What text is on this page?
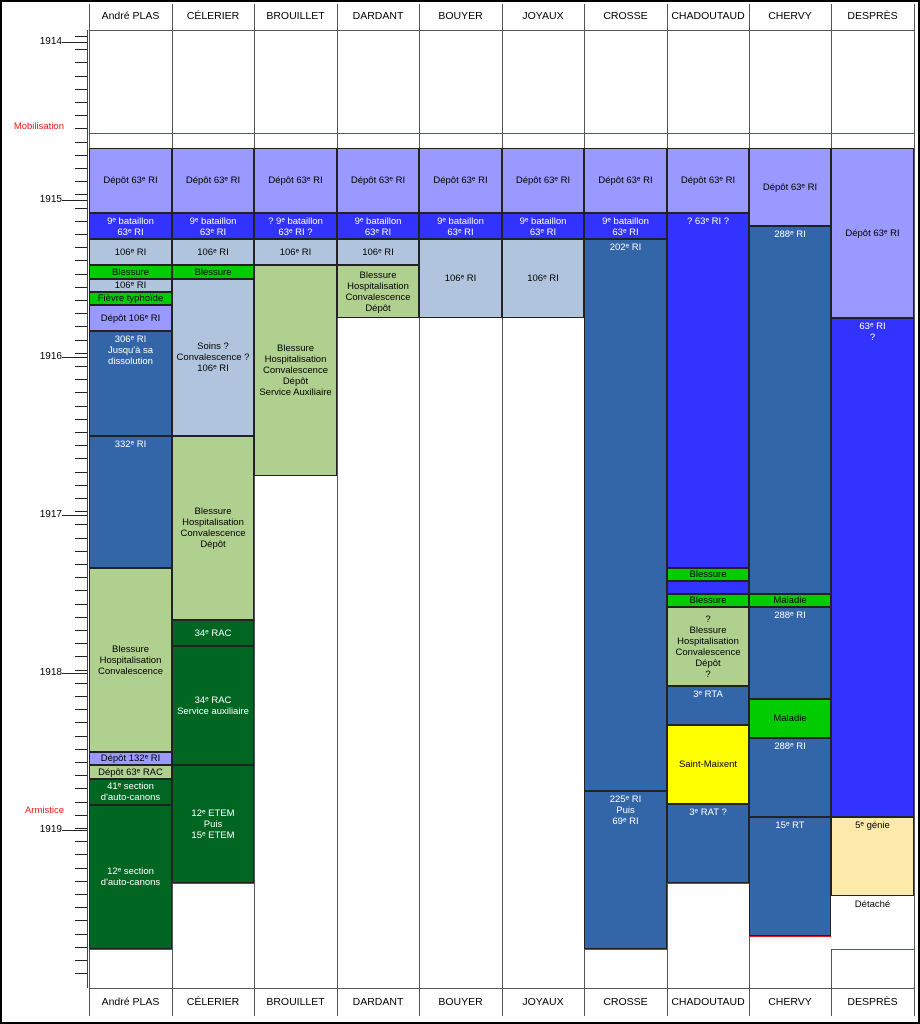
1914
1915
1916
1917
1918
1919
Mobilisation
Armistice
André PLAS
André PLAS
Dépôt 63ᵉ RI
9ᵉ bataillon
63ᵉ RI
106ᵉ RI
Blessure
106ᵉ RI
Fièvre typhoïde
Dépôt 106ᵉ RI
306ᵉ RI
Jusqu'à sa
dissolution
332ᵉ RI
Blessure
Hospitalisation
Convalescence
Dépôt 132ᵉ RI
Dépôt 63ᵉ RAC
41ᵉ section
d'auto-canons
12ᵉ section
d'auto-canons
CÉLERIER
CÉLERIER
Dépôt 63ᵉ RI
9ᵉ bataillon
63ᵉ RI
106ᵉ RI
Blessure
Soins ?
Convalescence ?
106ᵉ RI
Blessure
Hospitalisation
Convalescence
Dépôt
34ᵉ RAC
34ᵉ RAC
Service auxiliaire
12ᵉ ETEM
Puis
15ᵉ ETEM
BROUILLET
BROUILLET
Dépôt 63ᵉ RI
? 9ᵉ bataillon
63ᵉ RI ?
106ᵉ RI
Blessure
Hospitalisation
Convalescence
Dépôt
Service Auxiliaire
DARDANT
DARDANT
Dépôt 63ᵉ RI
9ᵉ bataillon
63ᵉ RI
106ᵉ RI
Blessure
Hospitalisation
Convalescence
Dépôt
BOUYER
BOUYER
Dépôt 63ᵉ RI
9ᵉ bataillon
63ᵉ RI
106ᵉ RI
JOYAUX
JOYAUX
Dépôt 63ᵉ RI
9ᵉ bataillon
63ᵉ RI
106ᵉ RI
CROSSE
CROSSE
Dépôt 63ᵉ RI
9ᵉ bataillon
63ᵉ RI
202ᵉ RI
225ᵉ RI
Puis
69ᵉ RI
CHADOUTAUD
CHADOUTAUD
Dépôt 63ᵉ RI
? 63ᵉ RI ?
Blessure
Blessure
?
Blessure
Hospitalisation
Convalescence
Dépôt
?
3ᵉ RTA
Saint-Maixent
3ᵉ RAT ?
CHERVY
CHERVY
Dépôt 63ᵉ RI
288ᵉ RI
Maladie
288ᵉ RI
Maladie
288ᵉ RI
15ᵉ RT
DESPRÈS
DESPRÈS
Dépôt 63ᵉ RI
63ᵉ RI
?
5ᵉ génie
Détaché
